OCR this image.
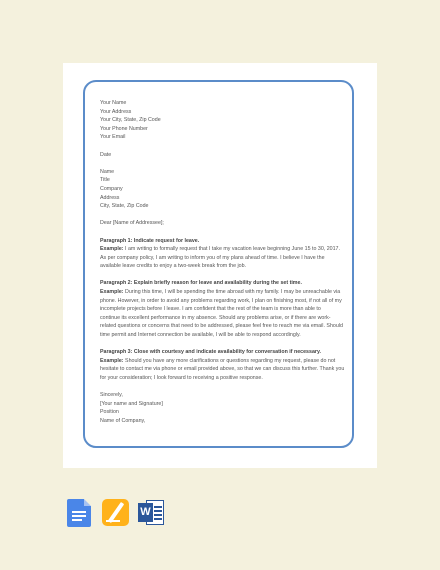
Your Name
Your Address
Your City, State, Zip Code
Your Phone Number
Your Email
Date
Name
Title
Company
Address
City, State, Zip Code
Dear [Name of Addressee];
Paragraph 1: Indicate request for leave.
Example: I am writing to formally request that I take my vacation leave beginning June 15 to 30, 2017.
As per company policy, I am writing to inform you of my plans ahead of time. I believe I have the
available leave credits to enjoy a two-week break from the job.
Paragraph 2: Explain briefly reason for leave and availability during the set time.
Example: During this time, I will be spending the time abroad with my family. I may be unreachable via
phone. However, in order to avoid any problems regarding work, I plan on finishing most, if not all of my
incomplete projects before I leave. I am confident that the rest of the team is more than able to
continue its excellent performance in my absence. Should any problems arise, or if there are work-
related questions or concerns that need to be addressed, please feel free to reach me via email. Should
time permit and Internet connection be available, I will be able to respond accordingly.
Paragraph 3: Close with courtesy and indicate availability for conversation if necessary.
Example: Should you have any more clarifications or questions regarding my request, please do not
hesitate to contact me via phone or email provided above, so that we can discuss this further. Thank you
for your consideration; I look forward to receiving a positive response.
Sincerely,
[Your name and Signature]
Position
Name of Company,
W
